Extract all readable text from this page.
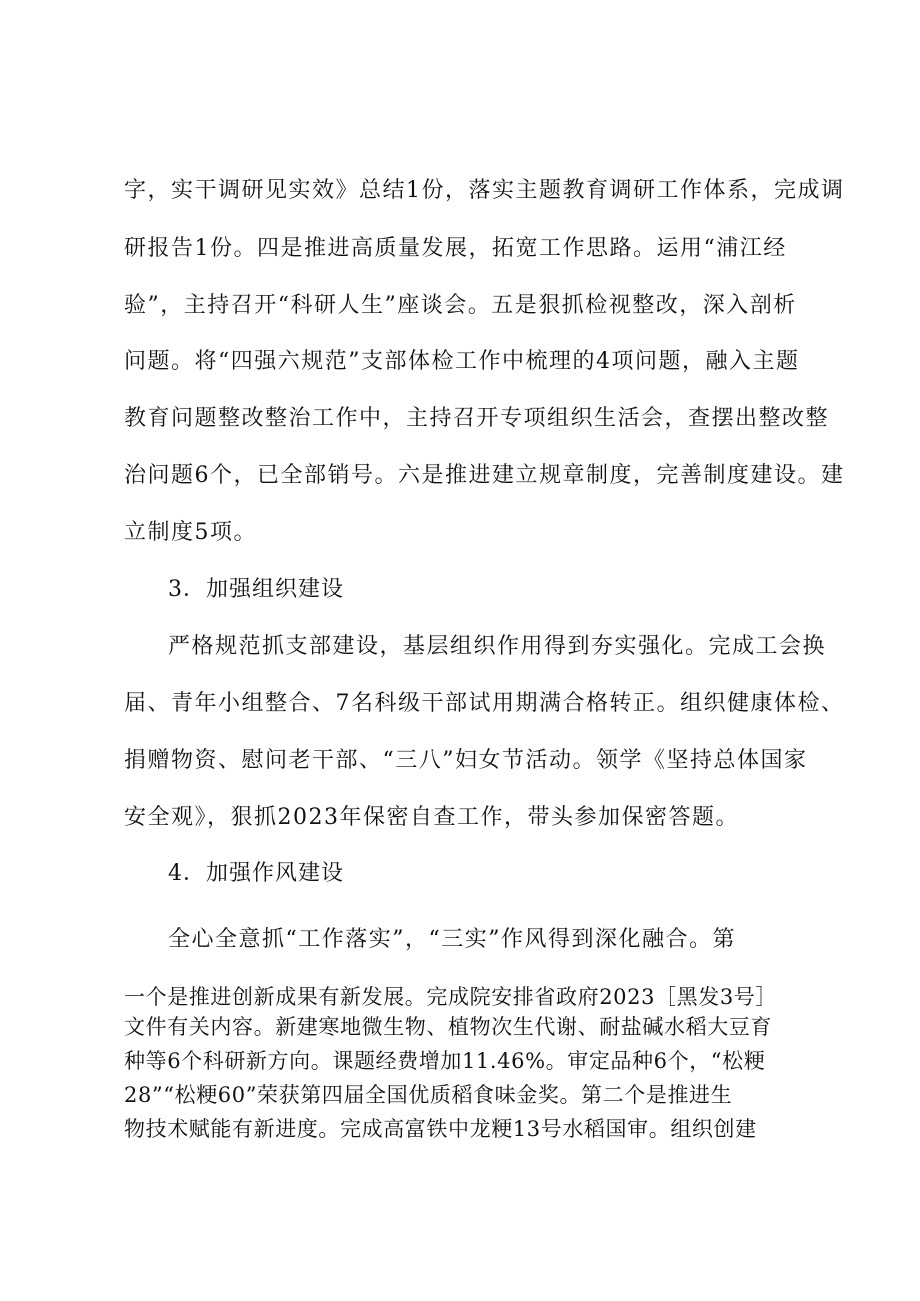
字，实干调研见实效》总结1份，落实主题教育调研工作体系，完成调
研报告1份。四是推进高质量发展，拓宽工作思路。运用“浦江经
验”，主持召开“科研人生”座谈会。五是狠抓检视整改，深入剖析
问题。将“四强六规范”支部体检工作中梳理的4项问题，融入主题
教育问题整改整治工作中，主持召开专项组织生活会，查摆出整改整
治问题6个，已全部销号。六是推进建立规章制度，完善制度建设。建
立制度5项。
3．加强组织建设
严格规范抓支部建设，基层组织作用得到夯实强化。完成工会换
届、青年小组整合、7名科级干部试用期满合格转正。组织健康体检、
捐赠物资、慰问老干部、“三八”妇女节活动。领学《坚持总体国家
安全观》，狠抓2023年保密自查工作，带头参加保密答题。
4．加强作风建设
全心全意抓“工作落实”，“三实”作风得到深化融合。第
一个是推进创新成果有新发展。完成院安排省政府2023［黑发3号］
文件有关内容。新建寒地微生物、植物次生代谢、耐盐碱水稻大豆育
种等6个科研新方向。课题经费增加11.46%。审定品种6个，“松粳
28”“松粳60”荣获第四届全国优质稻食味金奖。第二个是推进生
物技术赋能有新进度。完成高富铁中龙粳13号水稻国审。组织创建
